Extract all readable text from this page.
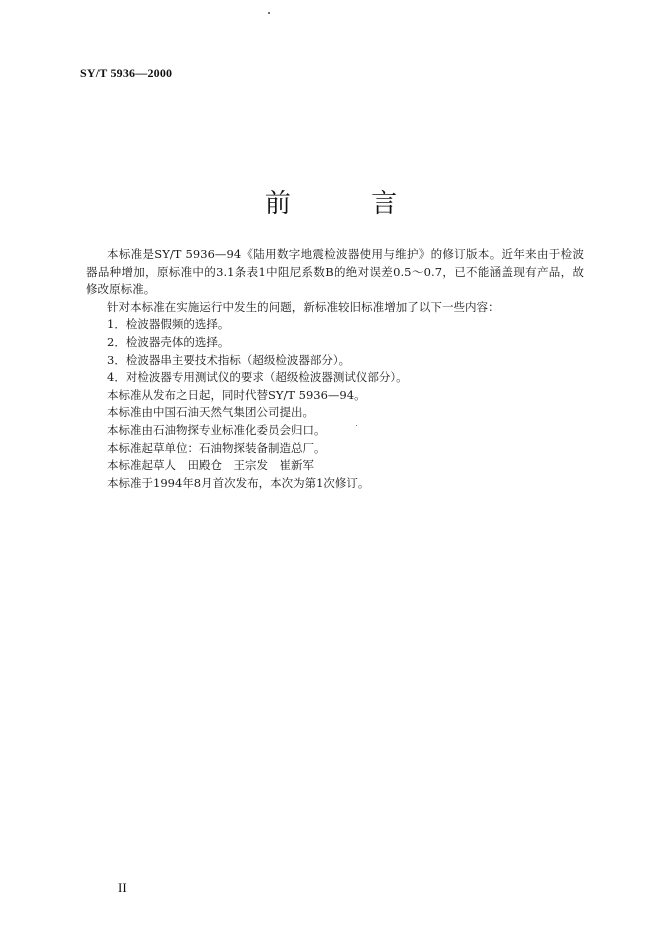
SY/T 5936—2000
前 言

本标准是SY/T 5936—94《陆用数字地震检波器使用与维护》的修订版本。近年来由于检波器品种增加，原标准中的3.1条表1中阻尼系数B的绝对误差0.5～0.7，已不能涵盖现有产品，故修改原标准。

针对本标准在实施运行中发生的问题，新标准较旧标准增加了以下一些内容：

1．检波器假频的选择。

2．检波器壳体的选择。

3．检波器串主要技术指标（超级检波器部分）。

4．对检波器专用测试仪的要求（超级检波器测试仪部分）。

本标准从发布之日起，同时代替SY/T 5936—94。

本标准由中国石油天然气集团公司提出。

本标准由石油物探专业标准化委员会归口。

本标准起草单位：石油物探装备制造总厂。

本标准起草人　田殿仓　王宗发　崔新军

本标准于1994年8月首次发布，本次为第1次修订。

II
